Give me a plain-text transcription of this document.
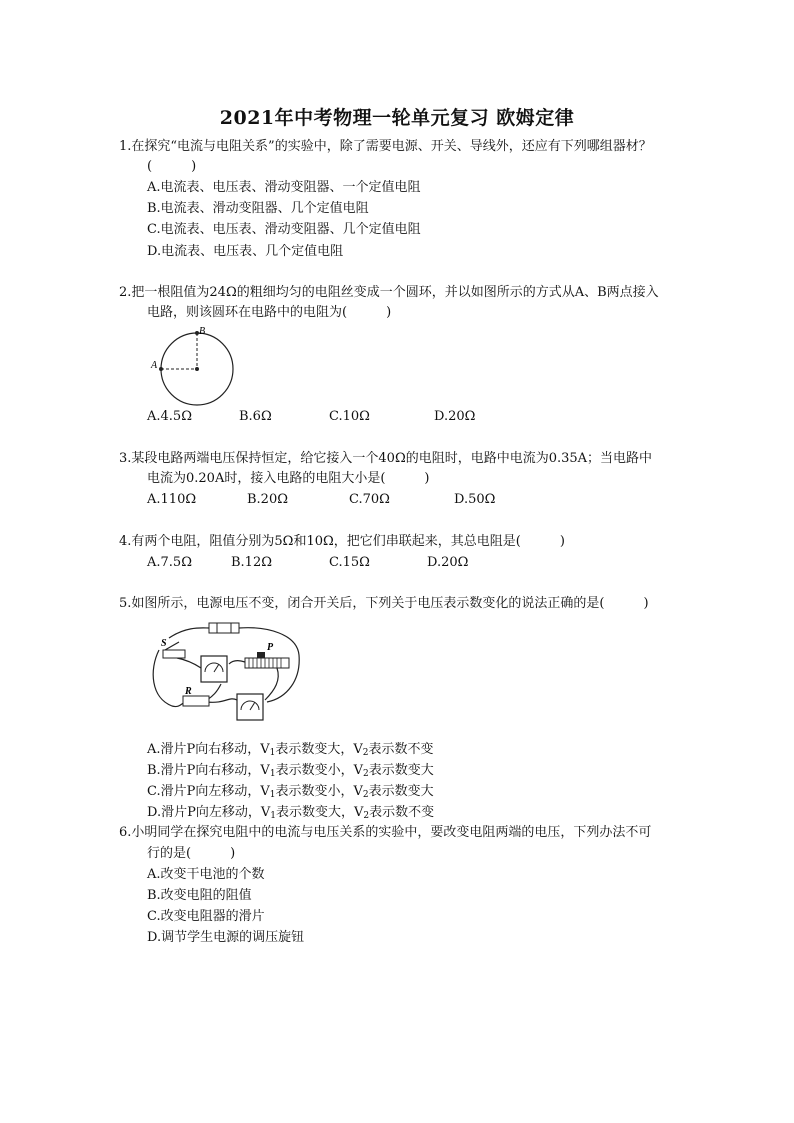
2021年中考物理一轮单元复习 欧姆定律
1.在探究“电流与电阻关系”的实验中，除了需要电源、开关、导线外，还应有下列哪组器材？
(　　　)
A.电流表、电压表、滑动变阻器、一个定值电阻
B.电流表、滑动变阻器、几个定值电阻
C.电流表、电压表、滑动变阻器、几个定值电阻
D.电流表、电压表、几个定值电阻
2.把一根阻值为24Ω的粗细均匀的电阻丝变成一个圆环，并以如图所示的方式从A、B两点接入
电路，则该圆环在电路中的电阻为(　　　)
A
B
A.4.5Ω	B.6Ω	C.10Ω	D.20Ω
3.某段电路两端电压保持恒定，给它接入一个40Ω的电阻时，电路中电流为0.35A；当电路中
电流为0.20A时，接入电路的电阻大小是(　　　)
A.110Ω	B.20Ω	C.70Ω	D.50Ω
4.有两个电阻，阻值分别为5Ω和10Ω，把它们串联起来，其总电阻是(　　　)
A.7.5Ω	B.12Ω	C.15Ω	D.20Ω
5.如图所示，电源电压不变，闭合开关后，下列关于电压表示数变化的说法正确的是(　　　)
S	P
R
A.滑片P向右移动，$V_1$表示数变大，$V_2$表示数不变
B.滑片P向右移动，$V_1$表示数变小，$V_2$表示数变大
C.滑片P向左移动，$V_1$表示数变小，$V_2$表示数变大
D.滑片P向左移动，$V_1$表示数变大，$V_2$表示数不变
6.小明同学在探究电阻中的电流与电压关系的实验中，要改变电阻两端的电压，下列办法不可
行的是(　　　)
A.改变干电池的个数
B.改变电阻的阻值
C.改变电阻器的滑片
D.调节学生电源的调压旋钮
